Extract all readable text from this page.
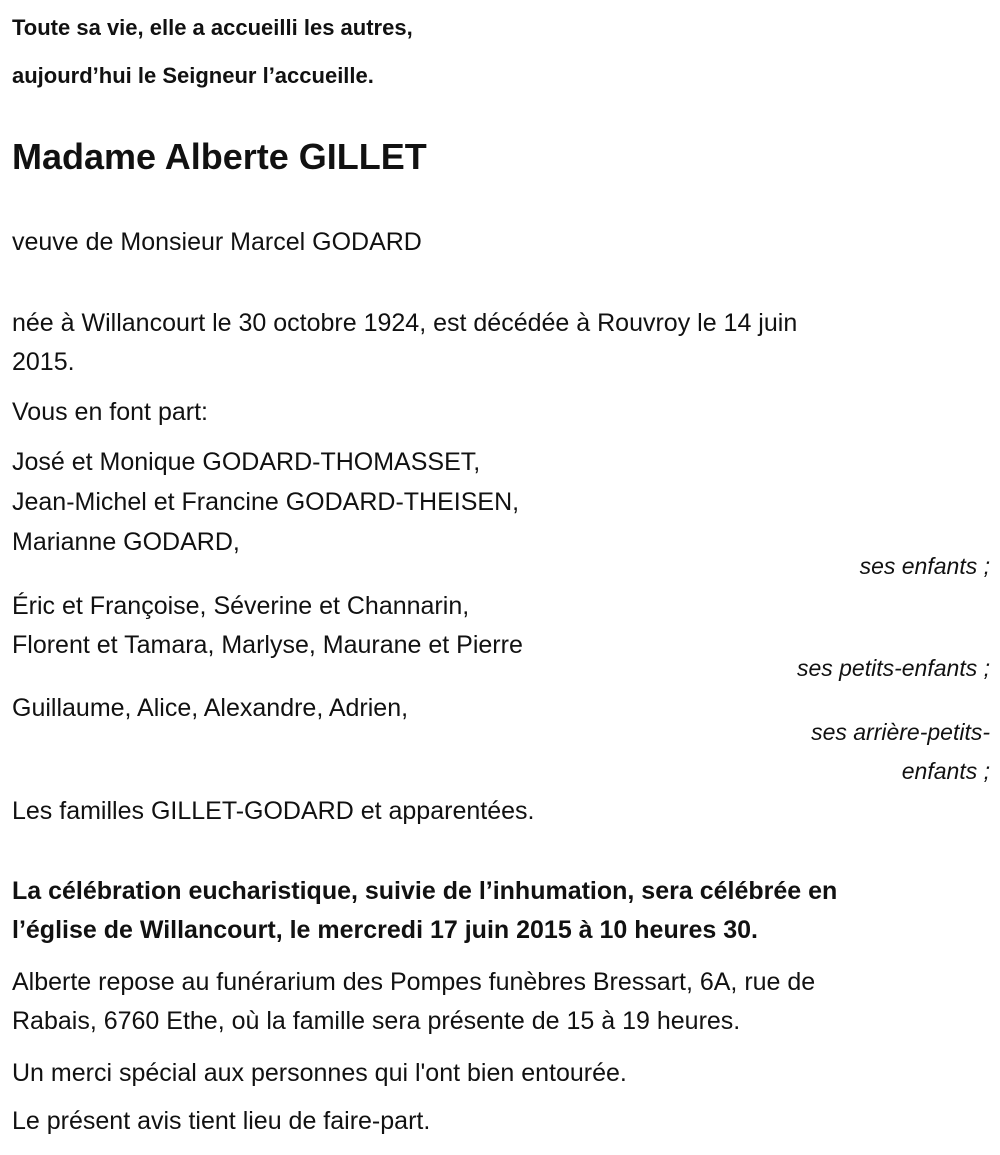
Toute sa vie, elle a accueilli les autres,
aujourd’hui le Seigneur l’accueille.
Madame Alberte GILLET
veuve de Monsieur Marcel GODARD
née à Willancourt le 30 octobre 1924, est décédée à Rouvroy le 14 juin
2015.
Vous en font part:
José et Monique GODARD-THOMASSET,
Jean-Michel et Francine GODARD-THEISEN,
Marianne GODARD,
ses enfants ;
Éric et Françoise, Séverine et Channarin,
Florent et Tamara, Marlyse, Maurane et Pierre
ses petits-enfants ;
Guillaume, Alice, Alexandre, Adrien,
ses arrière-petits-
enfants ;
Les familles GILLET-GODARD et apparentées.
La célébration eucharistique, suivie de l’inhumation, sera célébrée en
l’église de Willancourt, le mercredi 17 juin 2015 à 10 heures 30.
Alberte repose au funérarium des Pompes funèbres Bressart, 6A, rue de
Rabais, 6760 Ethe, où la famille sera présente de 15 à 19 heures.
Un merci spécial aux personnes qui l'ont bien entourée.
Le présent avis tient lieu de faire-part.
